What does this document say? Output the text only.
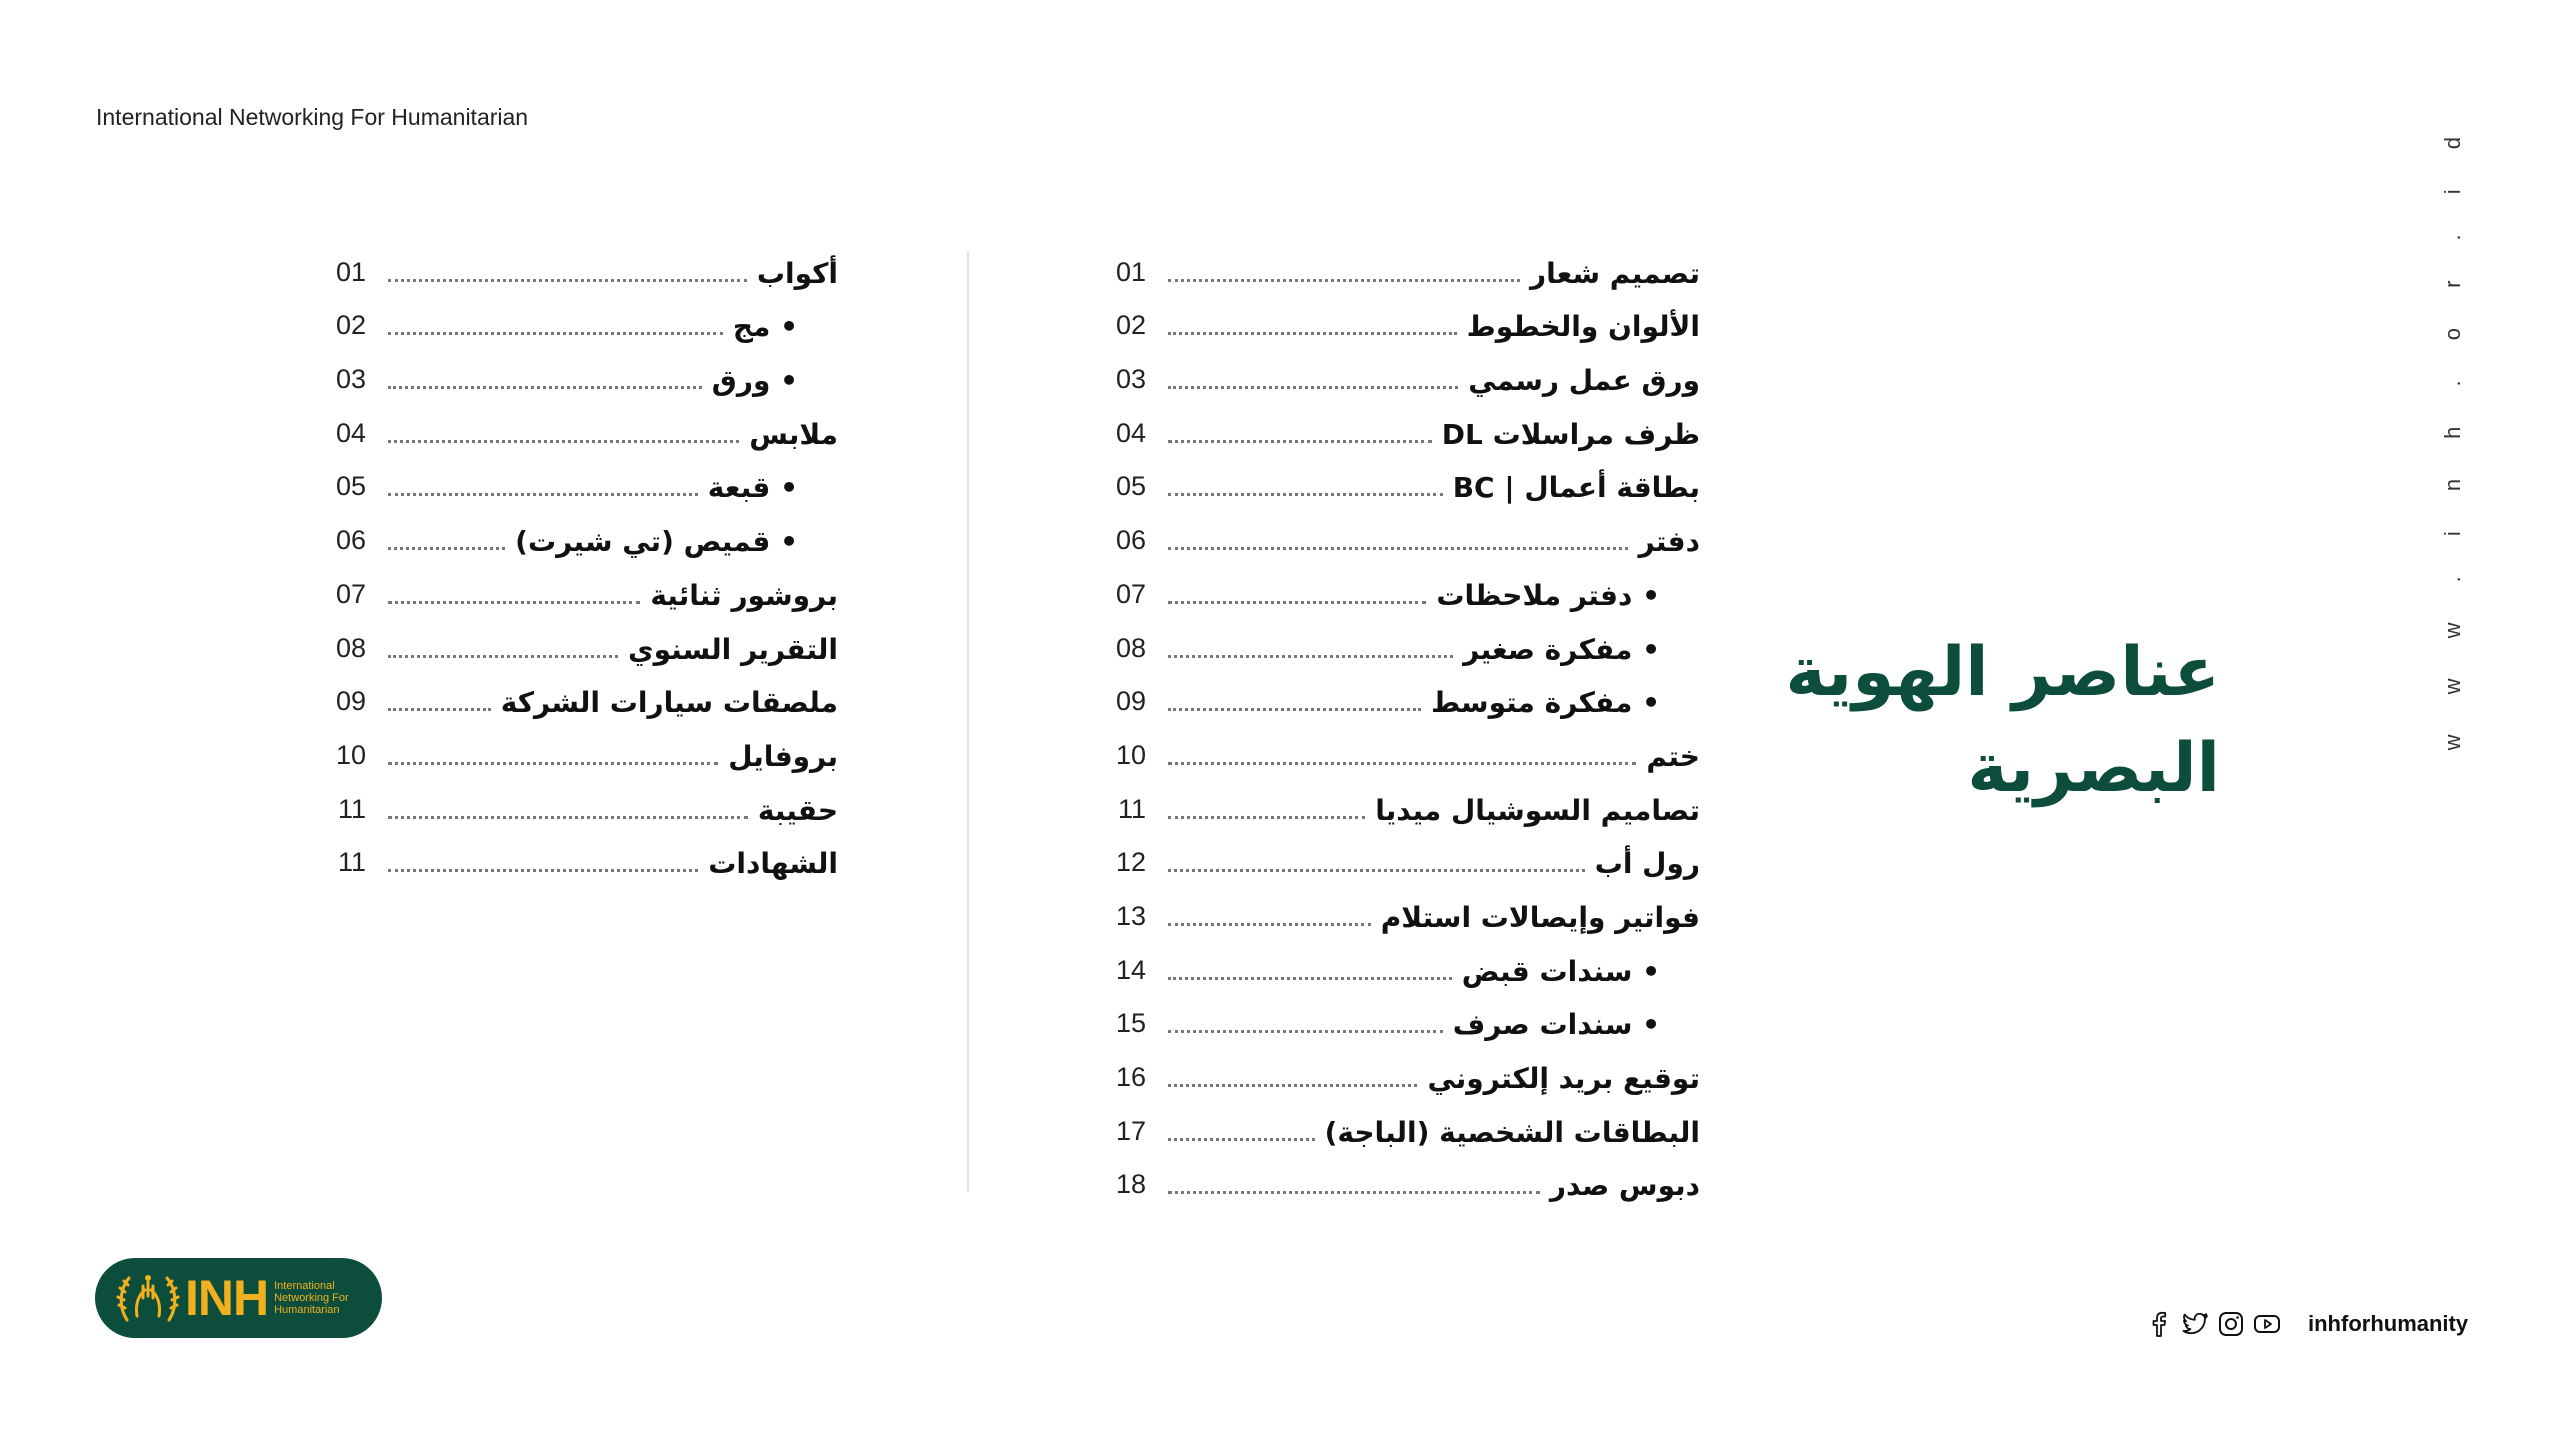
International Networking For Humanitarian
w w w . i n h . o r . i d
عناصر الهوية
البصرية
01	أكواب
02	• مج
03	• ورق
04	ملابس
05	• قبعة
06	• قميص (تي شيرت)
07	بروشور ثنائية
08	التقرير السنوي
09	ملصقات سيارات الشركة
10	بروفايل
11	حقيبة
11	الشهادات
01	تصميم شعار
02	الألوان والخطوط
03	ورق عمل رسمي
04	ظرف مراسلات DL
05	بطاقة أعمال | BC
06	دفتر
07	• دفتر ملاحظات
08	• مفكرة صغير
09	• مفكرة متوسط
10	ختم
11	تصاميم السوشيال ميديا
12	رول أب
13	فواتير وإيصالات استلام
14	• سندات قبض
15	• سندات صرف
16	توقيع بريد إلكتروني
17	البطاقات الشخصية (الباجة)
18	دبوس صدر
INH International Networking For Humanitarian
inhforhumanity
